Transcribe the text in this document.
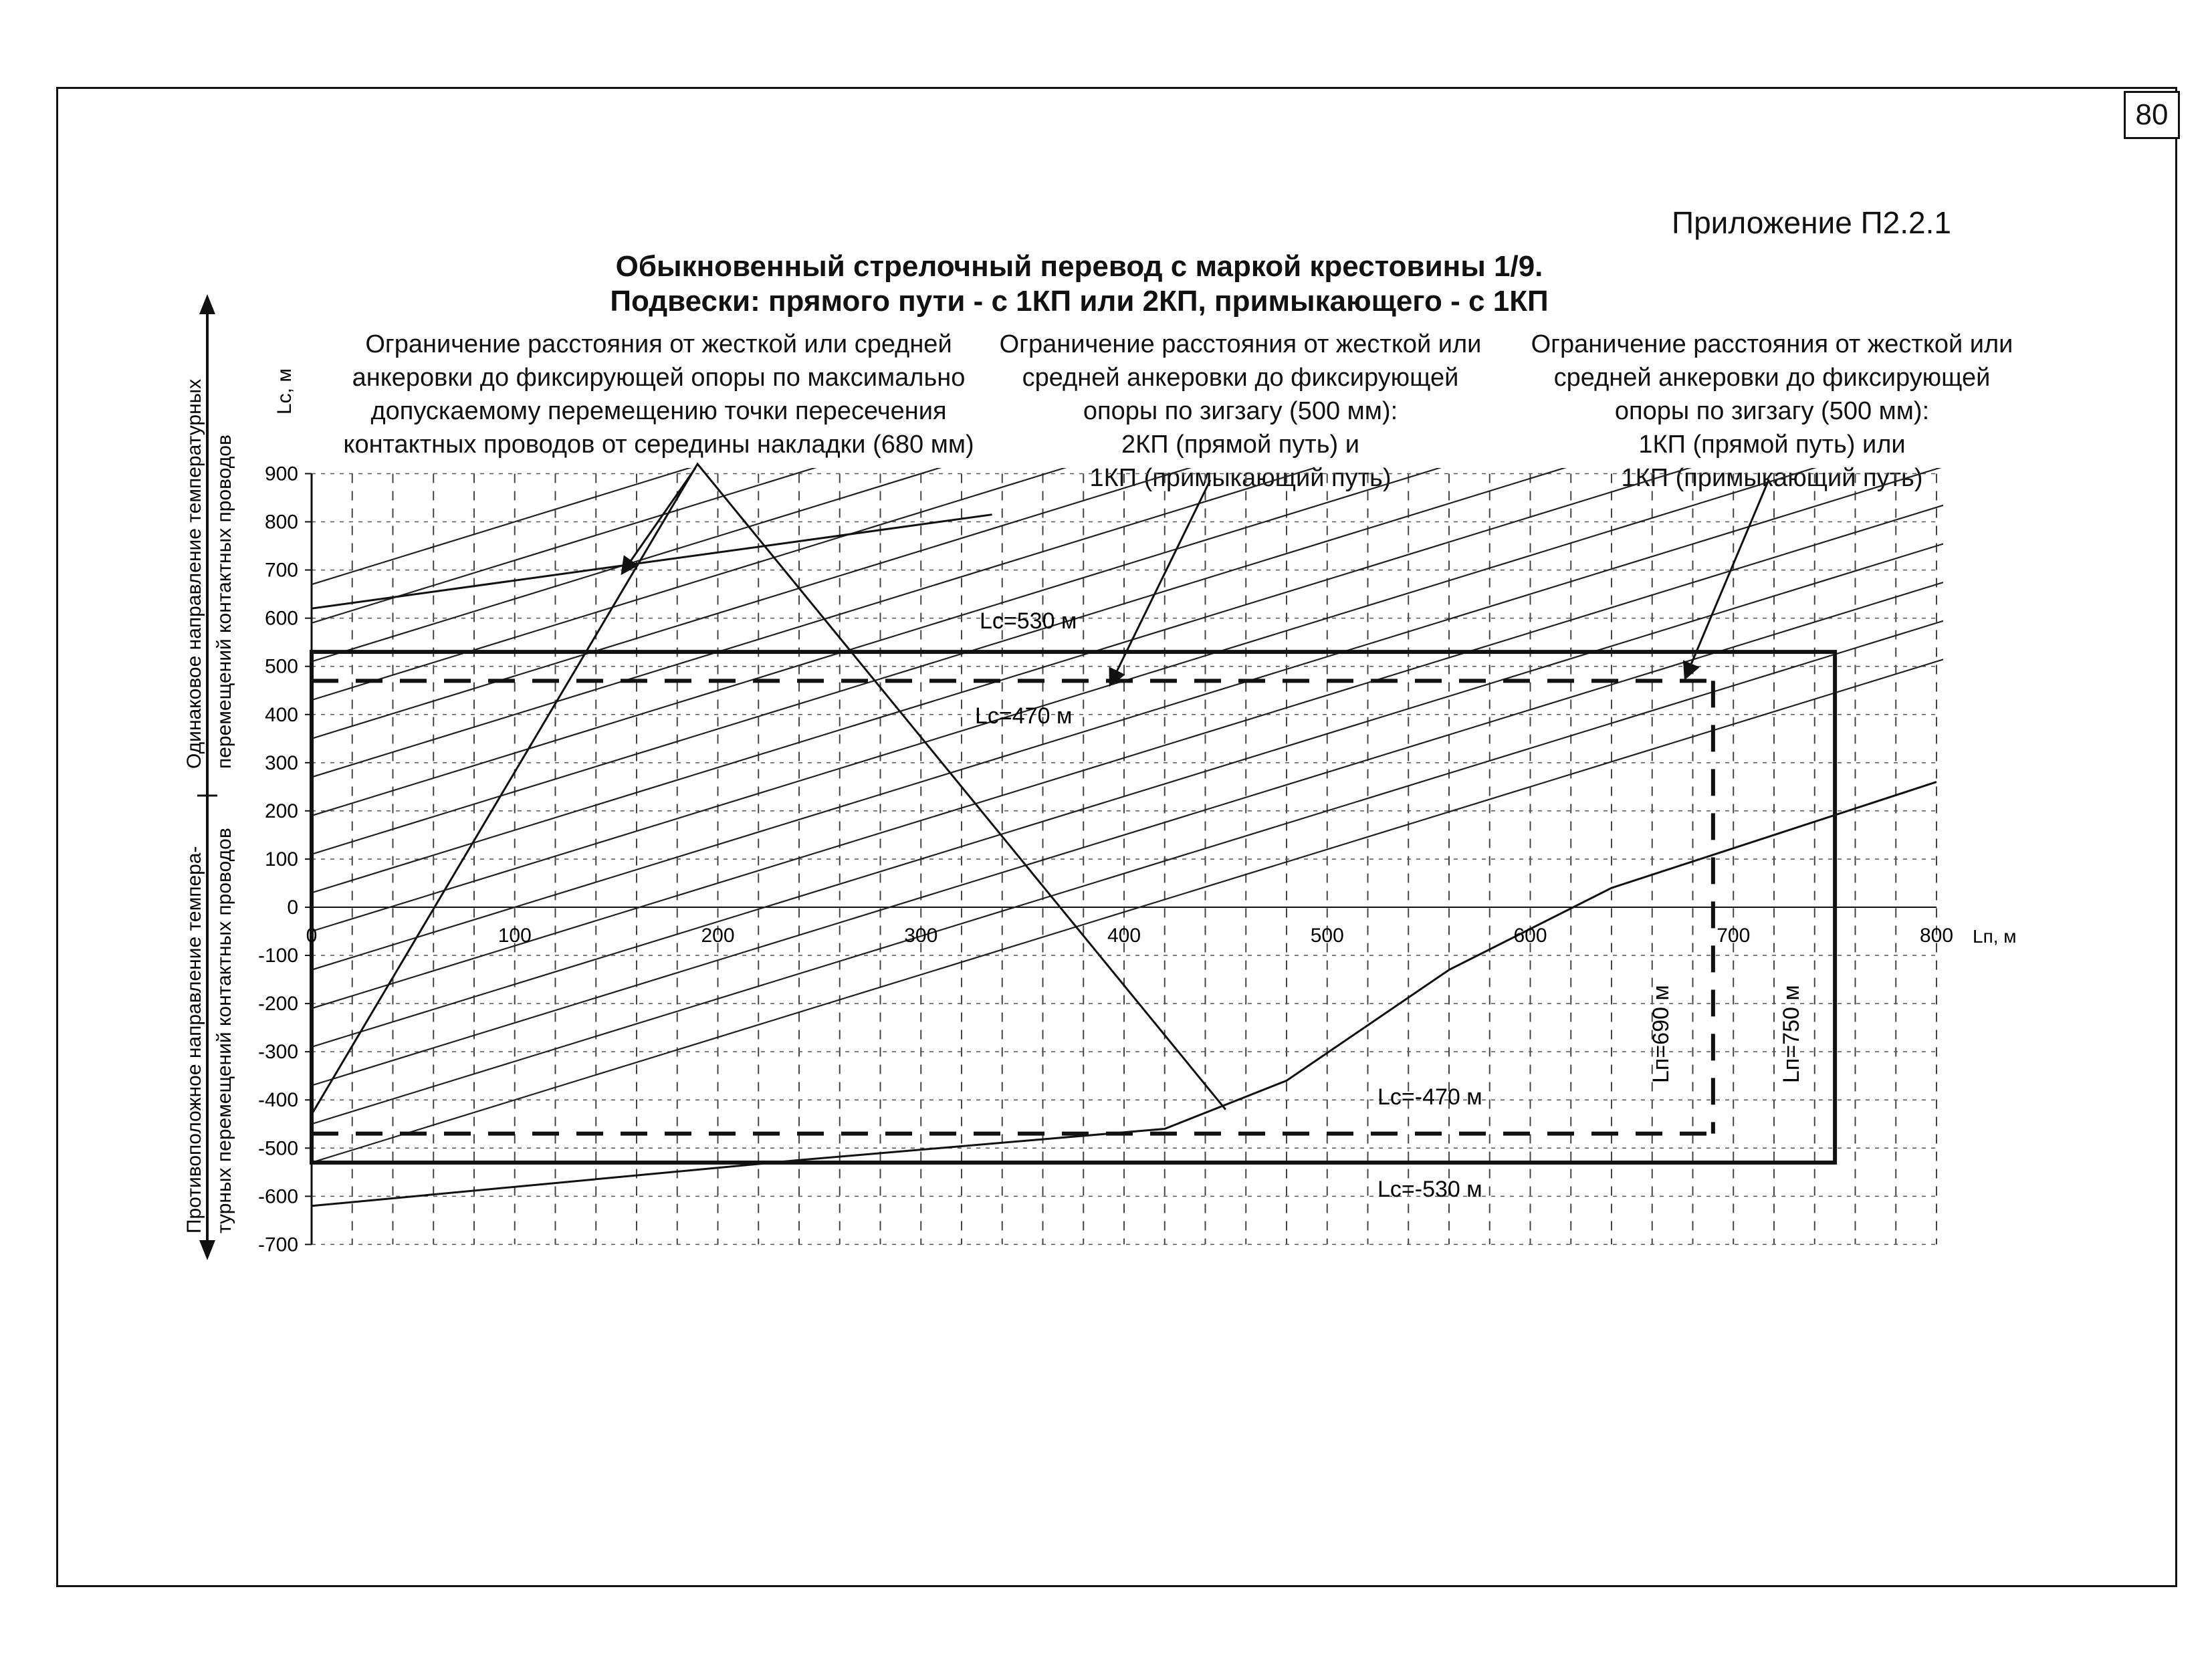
80
Приложение П2.2.1
Обыкновенный стрелочный перевод с маркой крестовины 1/9.
Подвески: прямого пути - с 1КП или 2КП, примыкающего - с 1КП
Ограничение расстояния от жесткой или средней
анкеровки до фиксирующей опоры по максимально
допускаемому перемещению точки пересечения
контактных проводов от середины накладки (680 мм)
Ограничение расстояния от жесткой или
средней анкеровки до фиксирующей
опоры по зигзагу (500 мм):
2КП (прямой путь) и
1КП (примыкающий путь)
Ограничение расстояния от жесткой или
средней анкеровки до фиксирующей
опоры по зигзагу (500 мм):
1КП (прямой путь) или
1КП (примыкающий путь)
900
800
700
600
500
400
300
200
100
0
-100
-200
-300
-400
-500
-600
-700
0	100	200	300	400	500	600	700	800
Одинаковое направление температурных перемещений контактных проводов
Противоположное направление темпера- турных перемещений контактных проводов
Lc, м
Lп, м
Lc=530 м
Lc=470 м
Lc=-470 м
Lc=-530 м
Lп=690 м	Lп=750 м
